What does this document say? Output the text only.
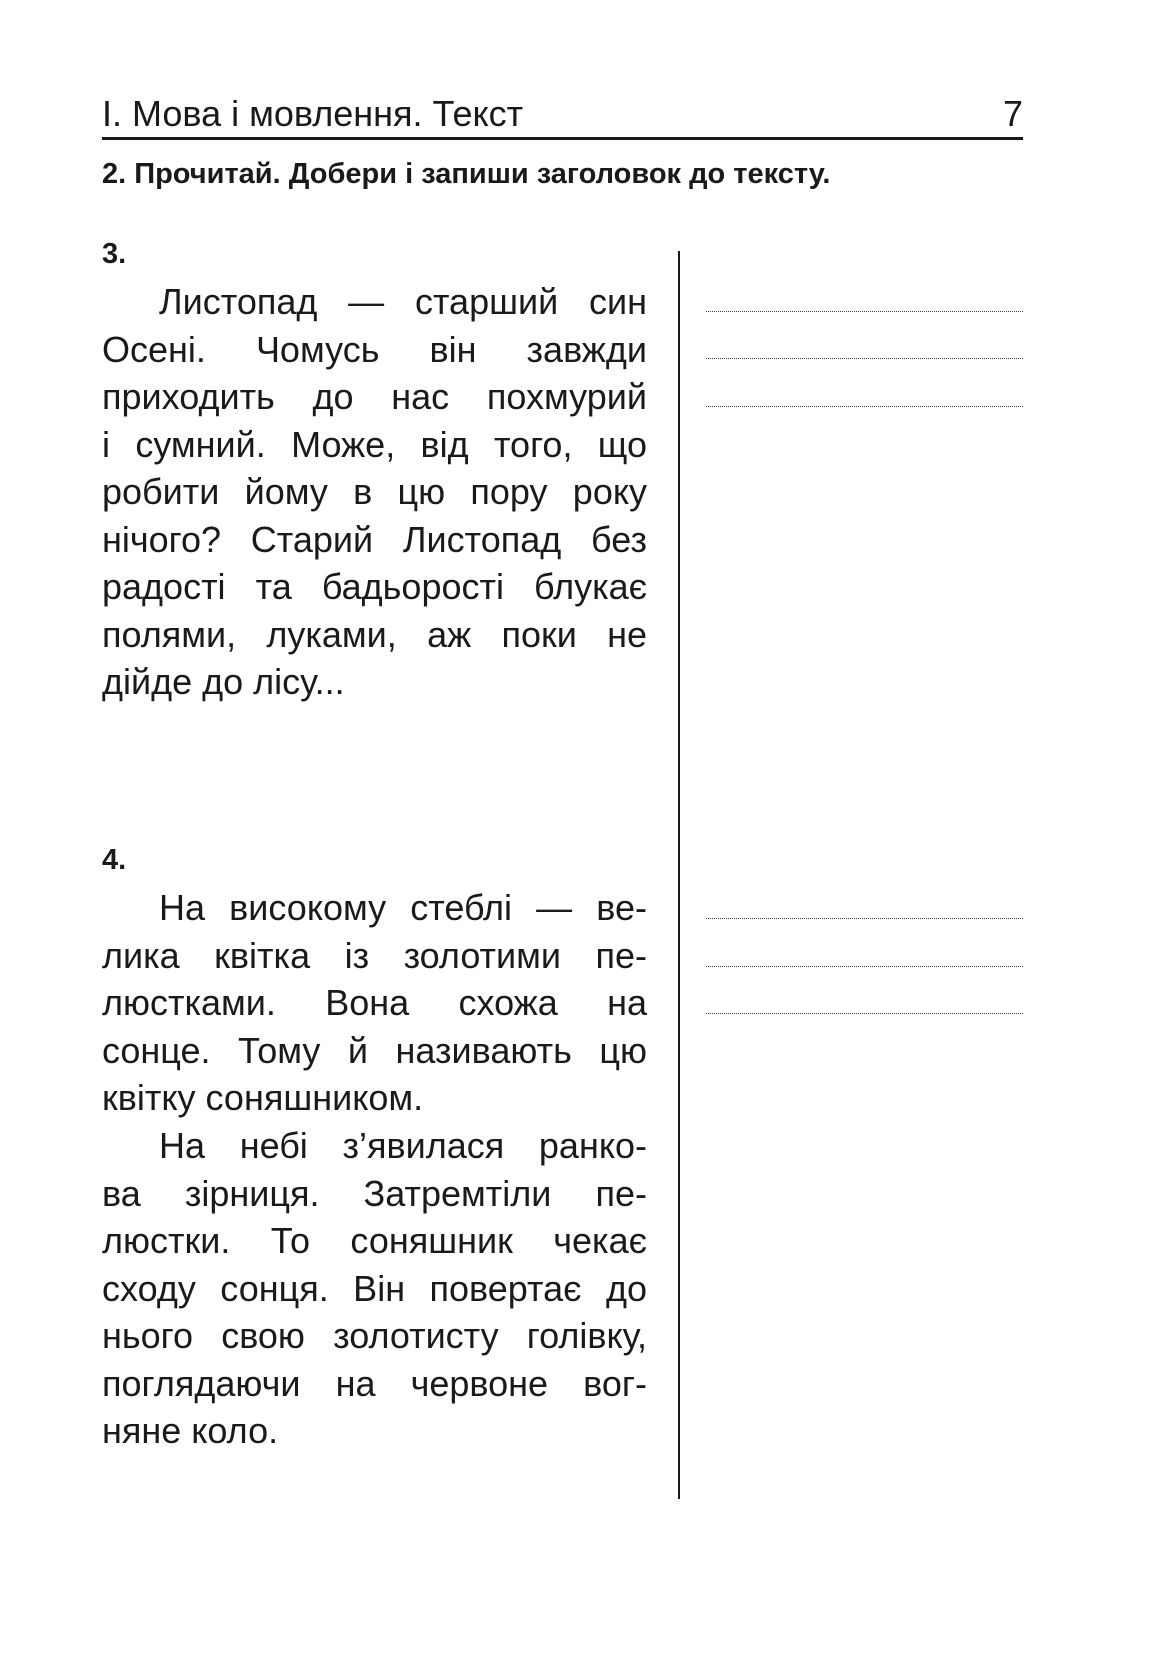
І. Мова і мовлення. Текст	7
2. Прочитай. Добери і запиши заголовок до тексту.
3.
Листопад — старший син
Осені. Чомусь він завжди
приходить до нас похмурий
і сумний. Може, від того, що
робити йому в цю пору року
нічого? Старий Листопад без
радості та бадьорості блукає
полями, луками, аж поки не
дійде до лісу...
4.
На високому стеблі — ве-
лика квітка із золотими пе-
люстками. Вона схожа на
сонце. Тому й називають цю
квітку соняшником.
На небі з’явилася ранко-
ва зірниця. Затремтіли пе-
люстки. То соняшник чекає
сходу сонця. Він повертає до
нього свою золотисту голівку,
поглядаючи на червоне вог-
няне коло.
